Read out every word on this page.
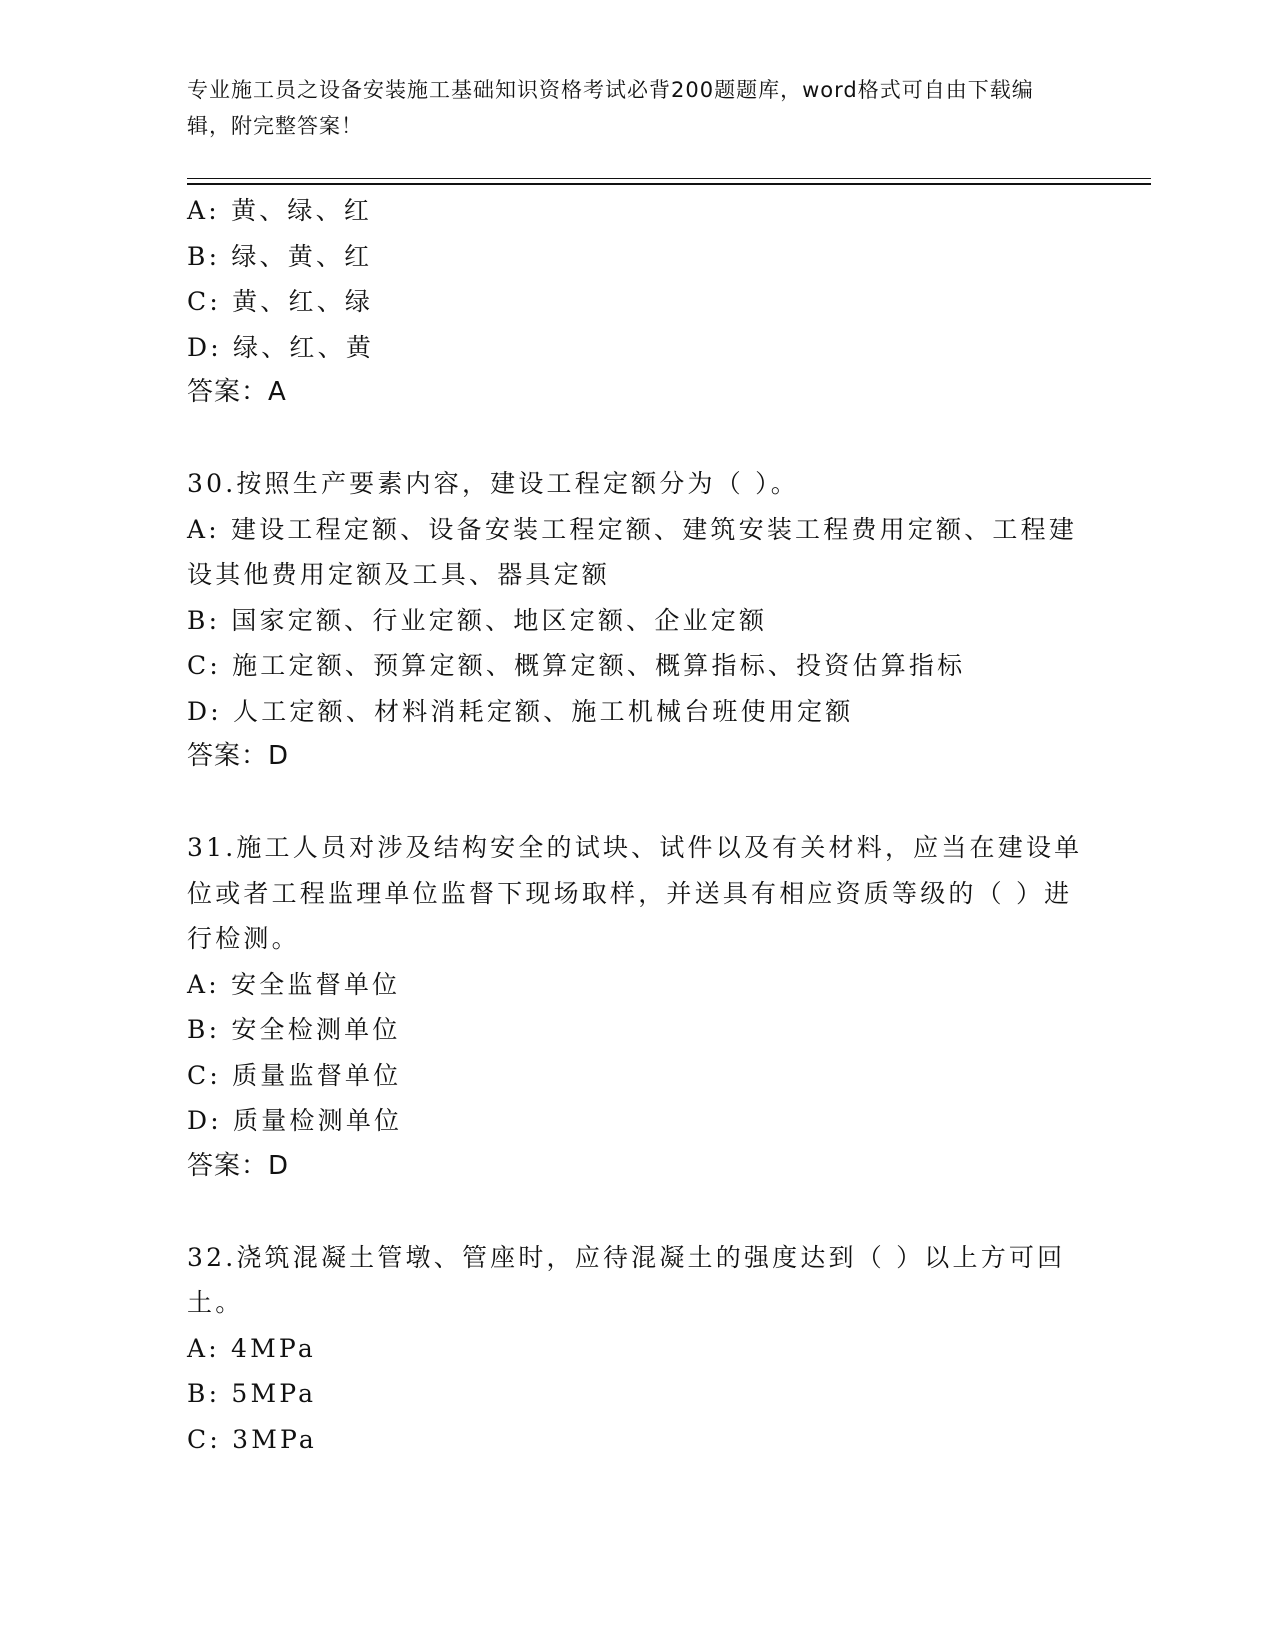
专业施工员之设备安装施工基础知识资格考试必背200题题库，word格式可自由下载编辑，附完整答案！
A: 黄、绿、红
B: 绿、黄、红
C: 黄、红、绿
D: 绿、红、黄
答案：A
30.按照生产要素内容，建设工程定额分为（ ）。
A: 建设工程定额、设备安装工程定额、建筑安装工程费用定额、工程建设其他费用定额及工具、器具定额
B: 国家定额、行业定额、地区定额、企业定额
C: 施工定额、预算定额、概算定额、概算指标、投资估算指标
D: 人工定额、材料消耗定额、施工机械台班使用定额
答案：D
31.施工人员对涉及结构安全的试块、试件以及有关材料，应当在建设单位或者工程监理单位监督下现场取样，并送具有相应资质等级的（ ）进行检测。
A: 安全监督单位
B: 安全检测单位
C: 质量监督单位
D: 质量检测单位
答案：D
32.浇筑混凝土管墩、管座时，应待混凝土的强度达到（ ）以上方可回土。
A: 4MPa
B: 5MPa
C: 3MPa
